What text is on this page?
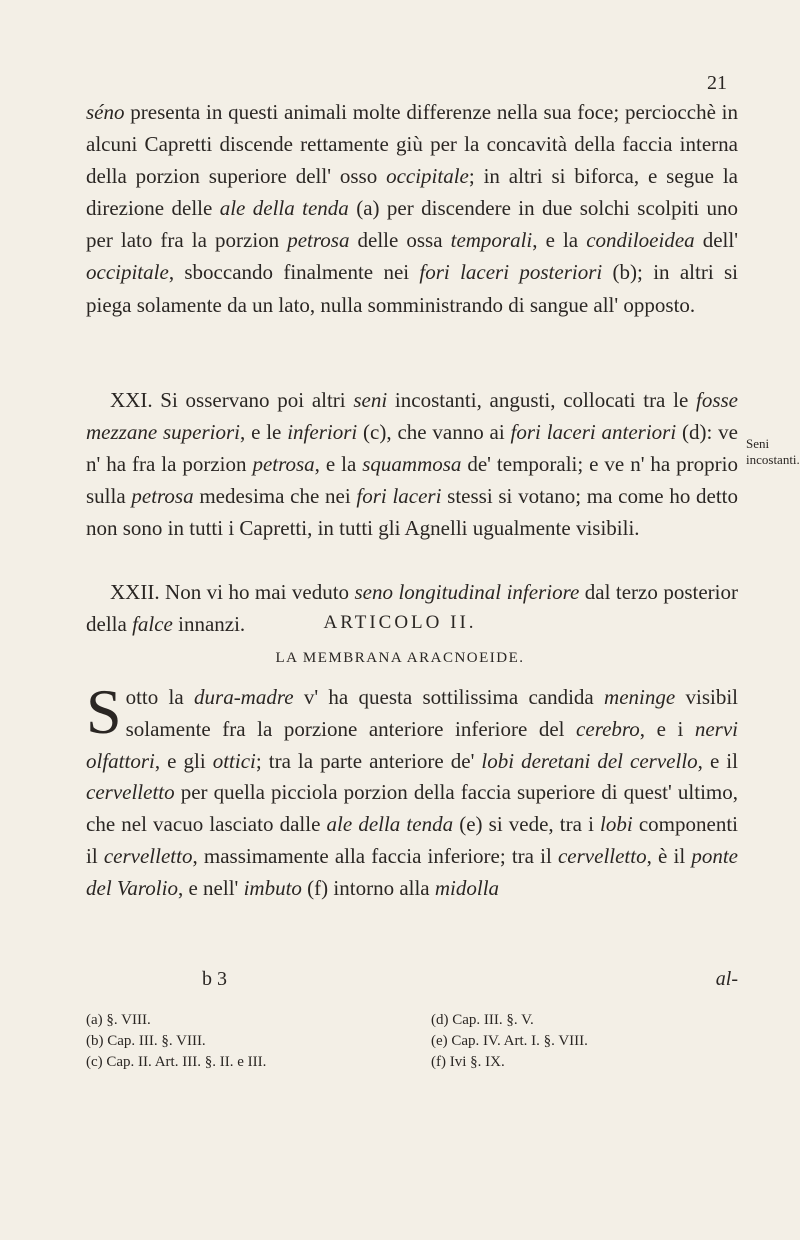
21

séno presenta in questi animali molte differenze nella sua foce; perciocchè in alcuni Capretti discende rettamente giù per la concavità della faccia interna della porzion superiore dell' osso occipitale; in altri si biforca, e segue la direzione delle ale della tenda (a) per discendere in due solchi scolpiti uno per lato fra la porzion petrosa delle ossa temporali, e la condiloeidea dell' occipitale, sboccando finalmente nei fori laceri posteriori (b); in altri si piega solamente da un lato, nulla somministrando di sangue all' opposto.

XXI. Si osservano poi altri seni incostanti, angusti, collocati tra le fosse mezzane superiori, e le inferiori (c), che vanno ai fori laceri anteriori (d): ve n' ha fra la porzion petrosa, e la squammosa de' temporali; e ve n' ha proprio sulla petrosa medesima che nei fori laceri stessi si votano; ma come ho detto non sono in tutti i Capretti, in tutti gli Agnelli ugualmente visibili.

Seni incostanti.

XXII. Non vi ho mai veduto seno longitudinal inferiore dal terzo posterior della falce innanzi.	ARTICOLO II.
LA MEMBRANA ARACNOEIDE.
S otto la dura-madre v' ha questa sottilissima candida meninge visibil solamente fra la porzione anteriore inferiore del cerebro, e i nervi olfattori, e gli ottici; tra la parte anteriore de' lobi deretani del cervello, e il cervelletto per quella picciola porzion della faccia superiore di quest' ultimo, che nel vacuo lasciato dalle ale della tenda (e) si vede, tra i lobi componenti il cervelletto, massimamente alla faccia inferiore; tra il cervelletto, è il ponte del Varolio, e nell' imbuto (f) intorno alla midolla

b 3	al-
(a) §. VIII.
(b) Cap. III. §. VIII.
(c) Cap. II. Art. III. §. II. e III.
(d) Cap. III. §. V.
(e) Cap. IV. Art. I. §. VIII.
(f) Ivi §. IX.
